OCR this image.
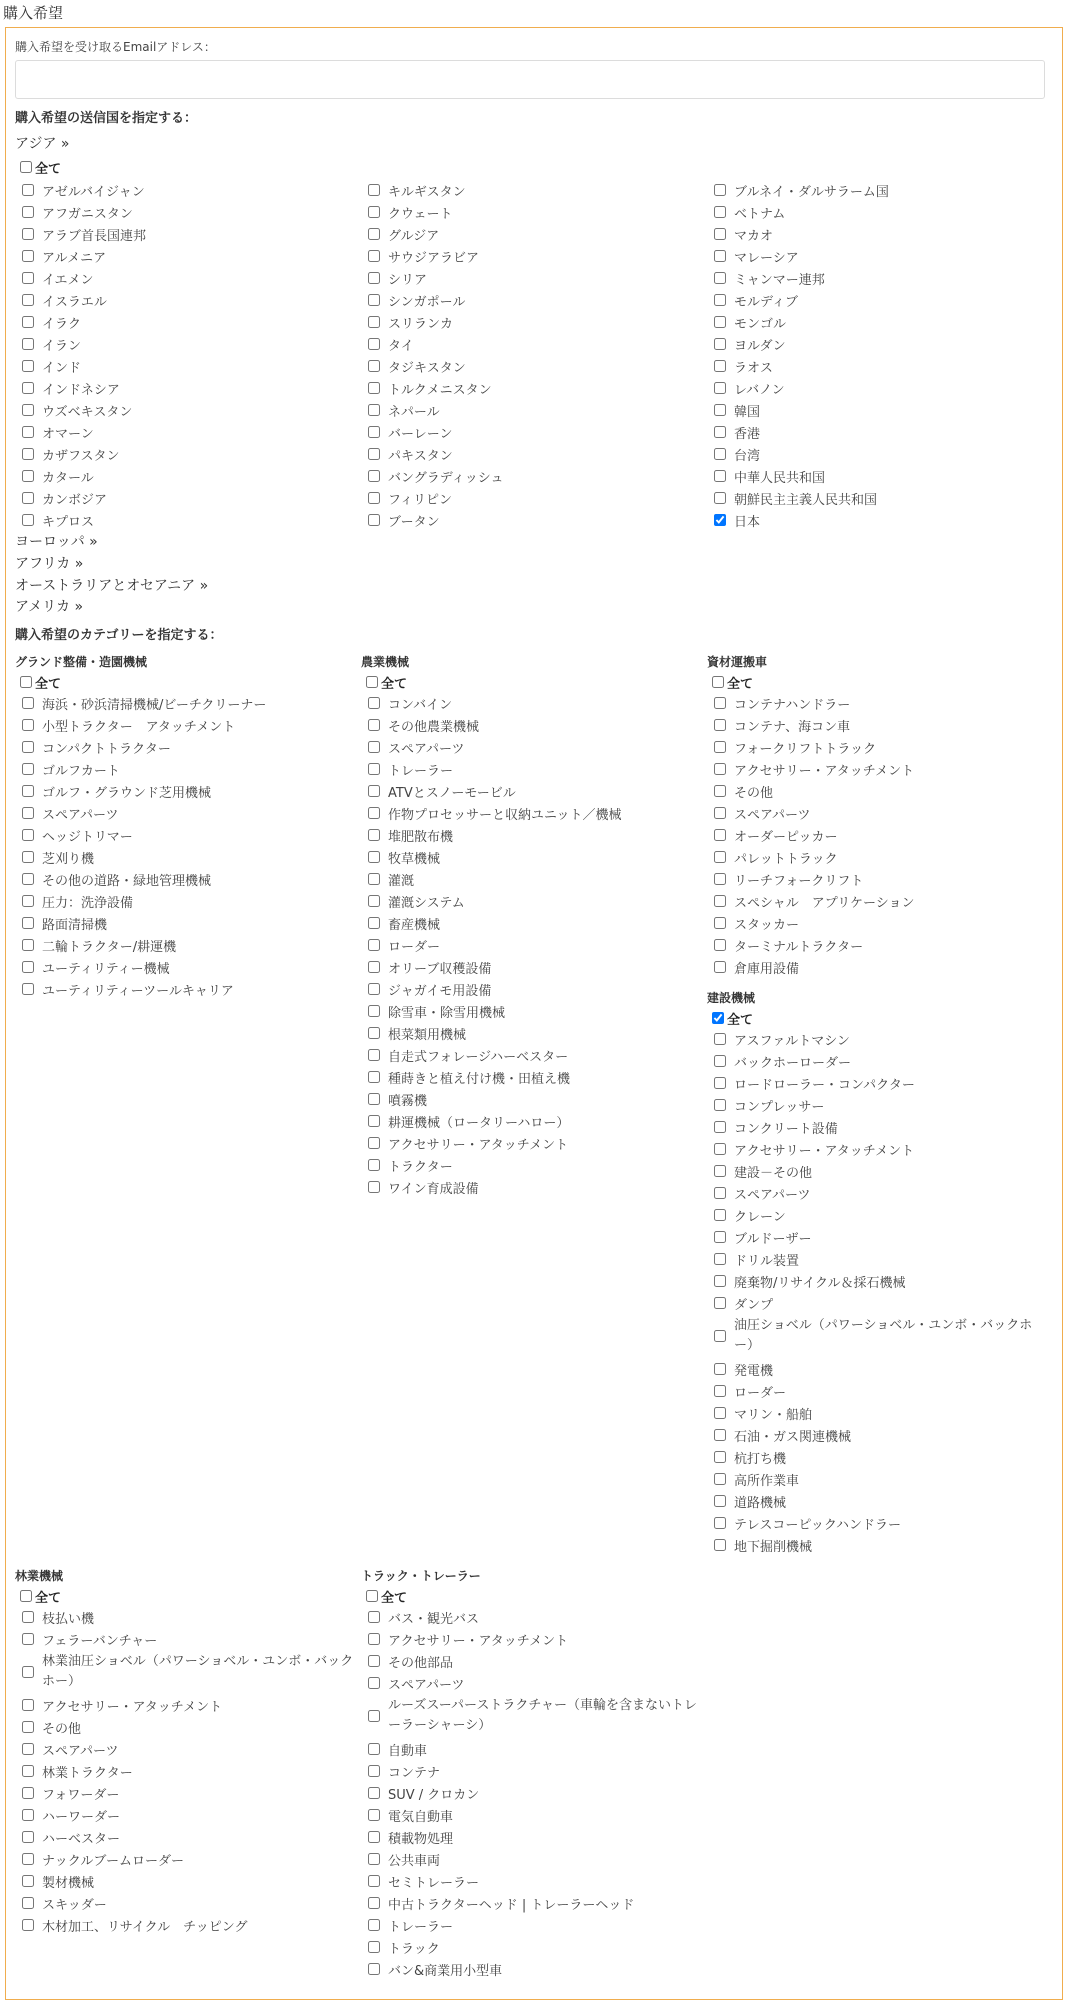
購入希望
購入希望を受け取るEmailアドレス：
購入希望の送信国を指定する：
アジア »
全て
アゼルバイジャン
アフガニスタン
アラブ首長国連邦
アルメニア
イエメン
イスラエル
イラク
イラン
インド
インドネシア
ウズベキスタン
オマーン
カザフスタン
カタール
カンボジア
キプロス
キルギスタン
クウェート
グルジア
サウジアラビア
シリア
シンガポール
スリランカ
タイ
タジキスタン
トルクメニスタン
ネパール
バーレーン
パキスタン
バングラディッシュ
フィリピン
ブータン
ブルネイ・ダルサラーム国
ベトナム
マカオ
マレーシア
ミャンマー連邦
モルディブ
モンゴル
ヨルダン
ラオス
レバノン
韓国
香港
台湾
中華人民共和国
朝鮮民主主義人民共和国
日本
ヨーロッパ »
アフリカ »
オーストラリアとオセアニア »
アメリカ »
購入希望のカテゴリーを指定する：
グランド整備・造園機械
全て
海浜・砂浜清掃機械/ビーチクリーナー
小型トラクター　アタッチメント
コンパクトトラクター
ゴルフカート
ゴルフ・グラウンド芝用機械
スペアパーツ
ヘッジトリマー
芝刈り機
その他の道路・緑地管理機械
圧力：洗浄設備
路面清掃機
二輪トラクター/耕運機
ユーティリティー機械
ユーティリティーツールキャリア
農業機械
全て
コンバイン
その他農業機械
スペアパーツ
トレーラー
ATVとスノーモービル
作物プロセッサーと収納ユニット／機械
堆肥散布機
牧草機械
灌漑
灌漑システム
畜産機械
ローダー
オリーブ収穫設備
ジャガイモ用設備
除雪車・除雪用機械
根菜類用機械
自走式フォレージハーベスター
種蒔きと植え付け機・田植え機
噴霧機
耕運機械（ロータリーハロー）
アクセサリー・アタッチメント
トラクター
ワイン育成設備
資材運搬車
全て
コンテナハンドラー
コンテナ、海コン車
フォークリフトトラック
アクセサリー・アタッチメント
その他
スペアパーツ
オーダーピッカー
パレットトラック
リーチフォークリフト
スペシャル　アプリケーション
スタッカー
ターミナルトラクター
倉庫用設備
建設機械
全て
アスファルトマシン
バックホーローダー
ロードローラー・コンパクター
コンプレッサー
コンクリート設備
アクセサリー・アタッチメント
建設－その他
スペアパーツ
クレーン
ブルドーザー
ドリル装置
廃棄物/リサイクル＆採石機械
ダンプ
油圧ショベル（パワーショベル・ユンボ・バックホー）
発電機
ローダー
マリン・船舶
石油・ガス関連機械
杭打ち機
高所作業車
道路機械
テレスコーピックハンドラー
地下掘削機械
林業機械
全て
枝払い機
フェラーバンチャー
林業油圧ショベル（パワーショベル・ユンボ・バックホー）
アクセサリー・アタッチメント
その他
スペアパーツ
林業トラクター
フォワーダー
ハーワーダー
ハーベスター
ナックルブームローダー
製材機械
スキッダー
木材加工、リサイクル　チッピング
トラック・トレーラー
全て
バス・観光バス
アクセサリー・アタッチメント
その他部品
スペアパーツ
ルーズスーパーストラクチャー（車輪を含まないトレーラーシャーシ）
自動車
コンテナ
SUV / クロカン
電気自動車
積載物処理
公共車両
セミトレーラー
中古トラクターヘッド | トレーラーヘッド
トレーラー
トラック
バン&商業用小型車
